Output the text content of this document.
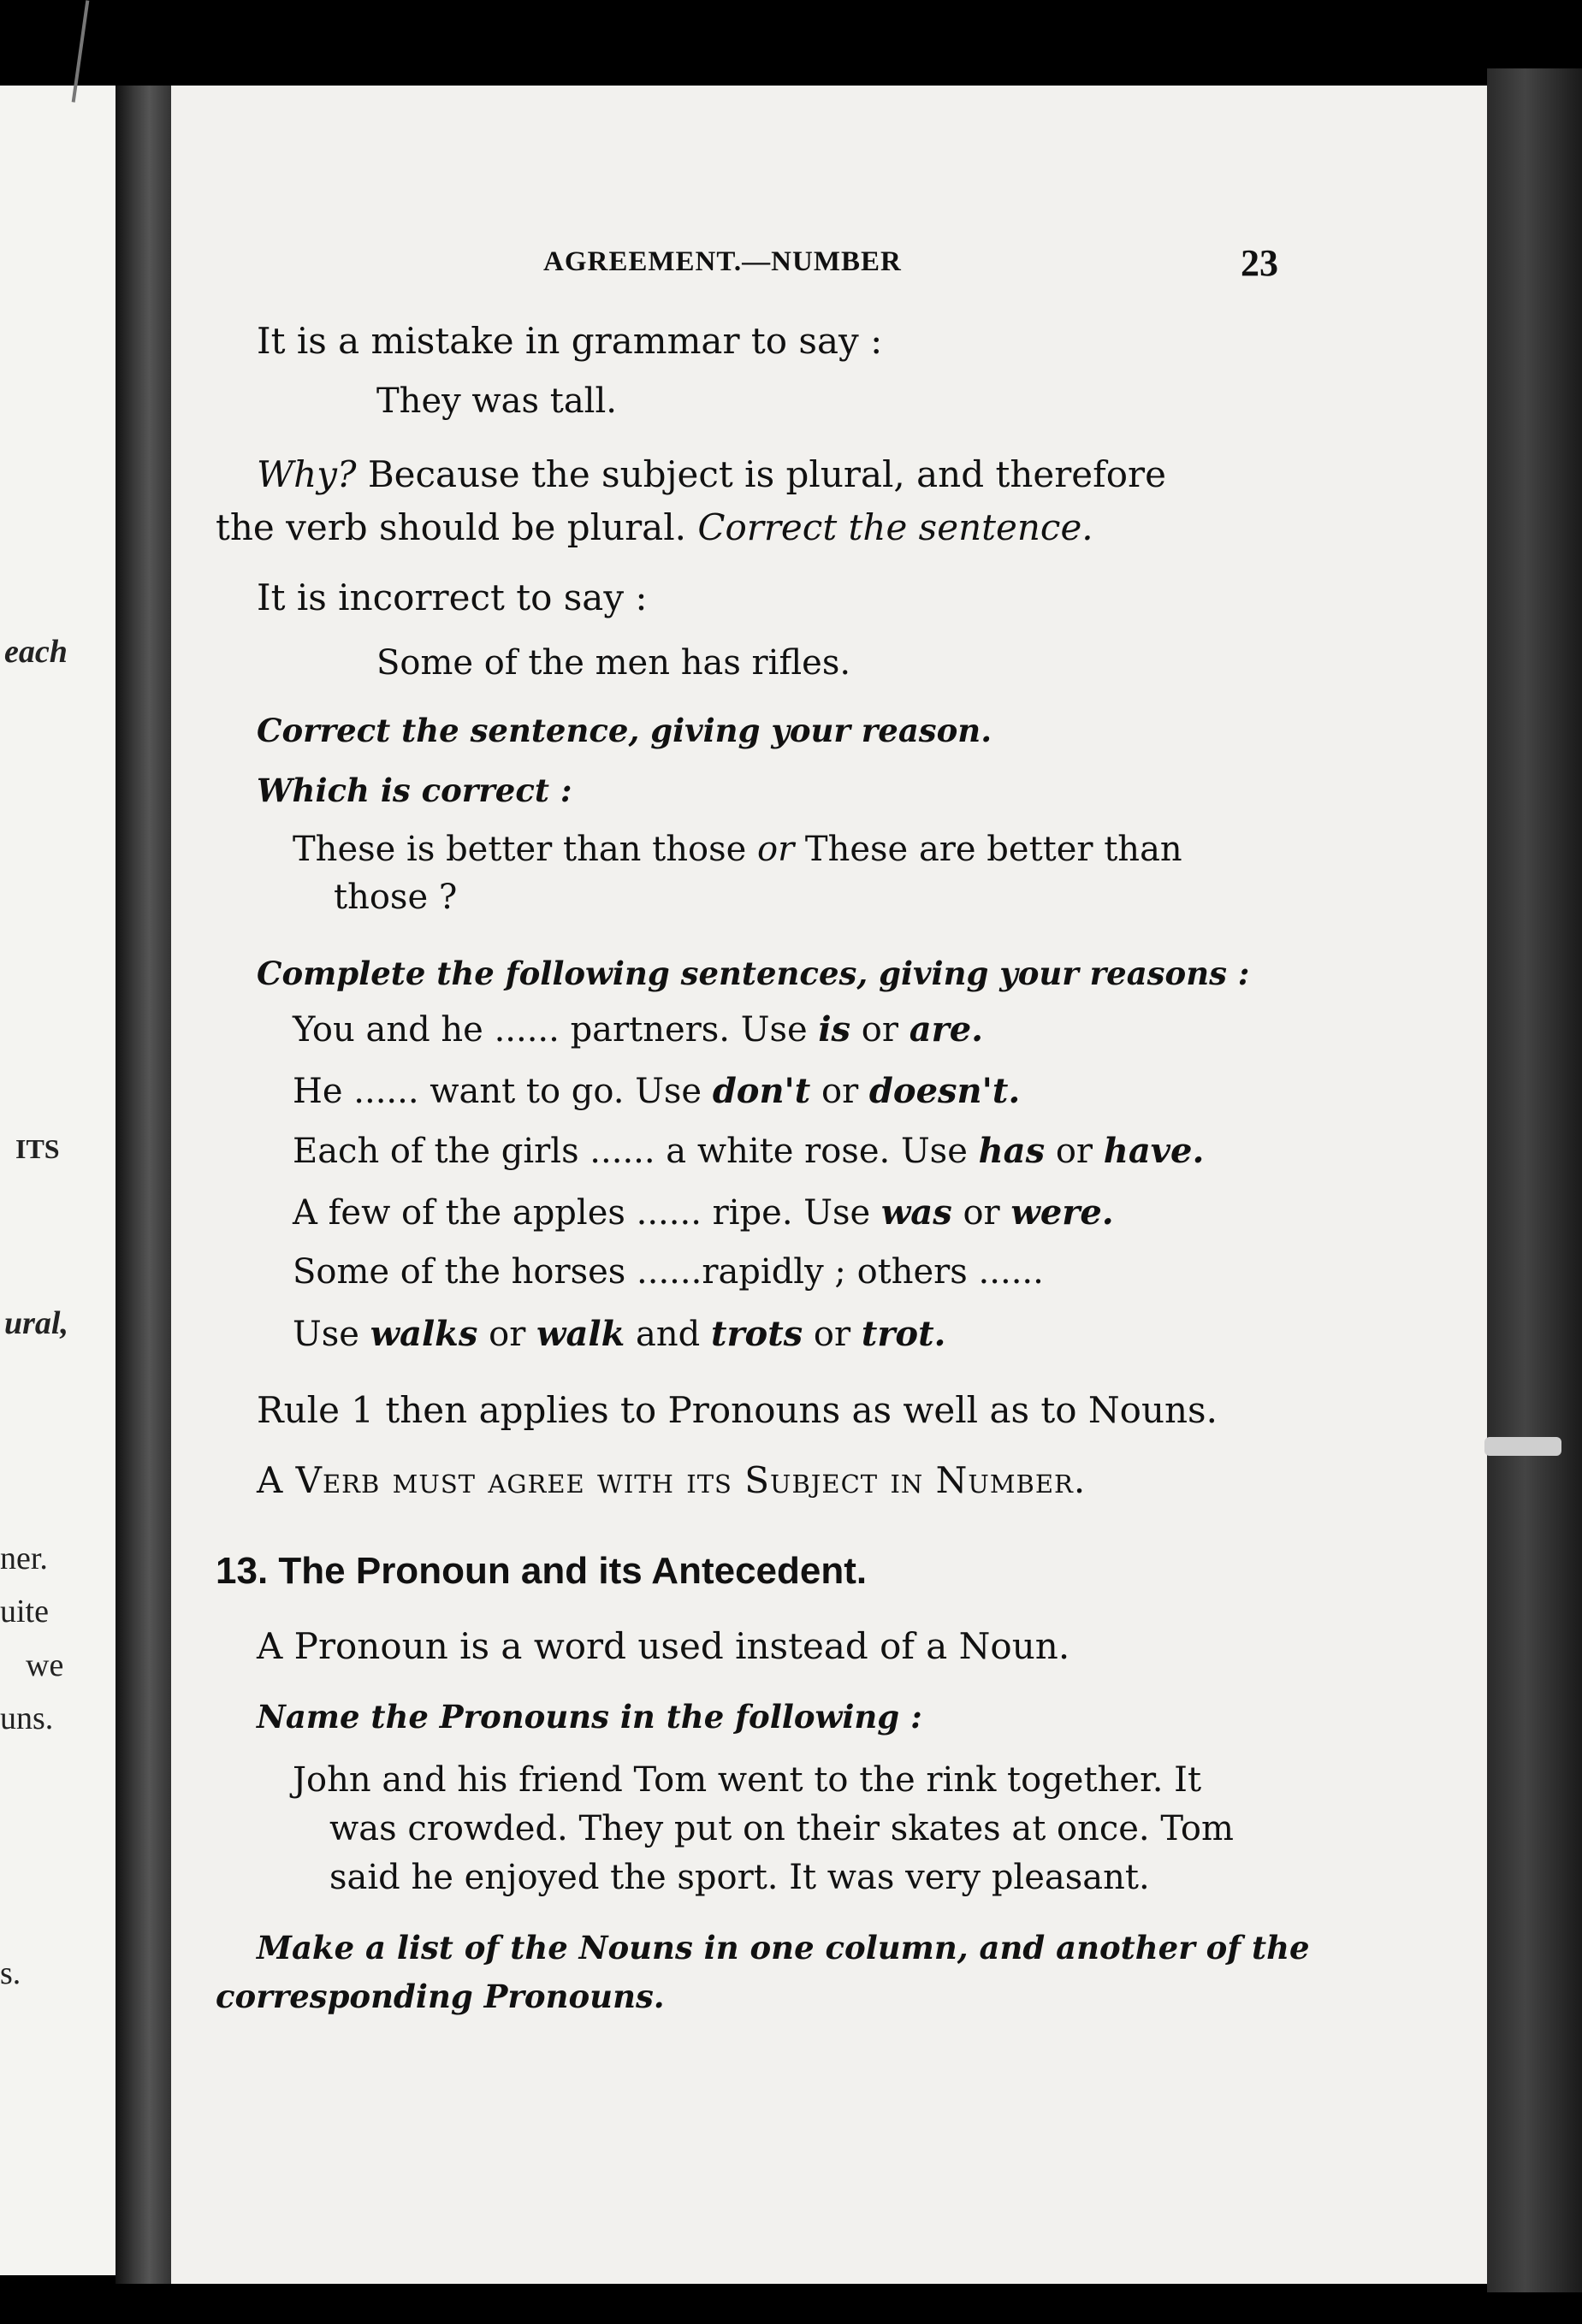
each
ITS
ural,
ner.
uite
we
uns.
s.
AGREEMENT.—NUMBER	23
It is a mistake in grammar to say :
They was tall.
Why? Because the subject is plural, and therefore
the verb should be plural. Correct the sentence.
It is incorrect to say :
Some of the men has rifles.
Correct the sentence, giving your reason.
Which is correct :
These is better than those or These are better than
those ?
Complete the following sentences, giving your reasons :
You and he ...... partners. Use is or are.
He ...... want to go. Use don't or doesn't.
Each of the girls ...... a white rose. Use has or have.
A few of the apples ...... ripe. Use was or were.
Some of the horses ......rapidly ; others ......
Use walks or walk and trots or trot.
Rule 1 then applies to Pronouns as well as to Nouns.
A Verb must agree with its Subject in Number.
13. The Pronoun and its Antecedent.
A Pronoun is a word used instead of a Noun.
Name the Pronouns in the following :
John and his friend Tom went to the rink together. It
was crowded. They put on their skates at once. Tom
said he enjoyed the sport. It was very pleasant.
Make a list of the Nouns in one column, and another of the
corresponding Pronouns.
